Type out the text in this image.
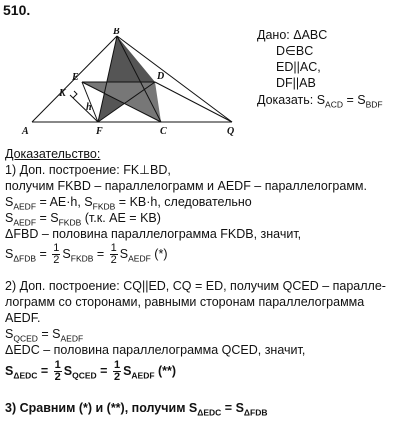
510.
A
B
C
D
E
F
K
h
Q
Дано: ΔABC
D∈BC
ED||AC,
DF||AB
Доказать: $S_{ACD} = S_{BDF}$
Доказательство:
1) Доп. построение: FK⊥BD,
получим FKBD – параллелограмм и AEDF – параллелограмм.
$S_{AEDF} = AE\cdot h$, $S_{FKDB} = KB\cdot h$, следовательно
$S_{AEDF} = S_{FKDB}$ (т.к. AE = KB)
ΔFBD – половина параллелограмма FKDB, значит,
$S_{\Delta FDB} = \frac{1}{2} S_{FKDB} = \frac{1}{2} S_{AEDF}$ (*)
2) Доп. построение: CQ||ED, CQ = ED, получим QCED – паралле-
лограмм со сторонами, равными сторонам параллелограмма
AEDF.
$S_{QCED} = S_{AEDF}$
ΔEDC – половина параллелограмма QCED, значит,
$S_{\Delta EDC} = \frac{1}{2} S_{QCED} = \frac{1}{2} S_{AEDF}$ (**)
3) Сравним (*) и (**), получим $S_{\Delta EDC} = S_{\Delta FDB}$
